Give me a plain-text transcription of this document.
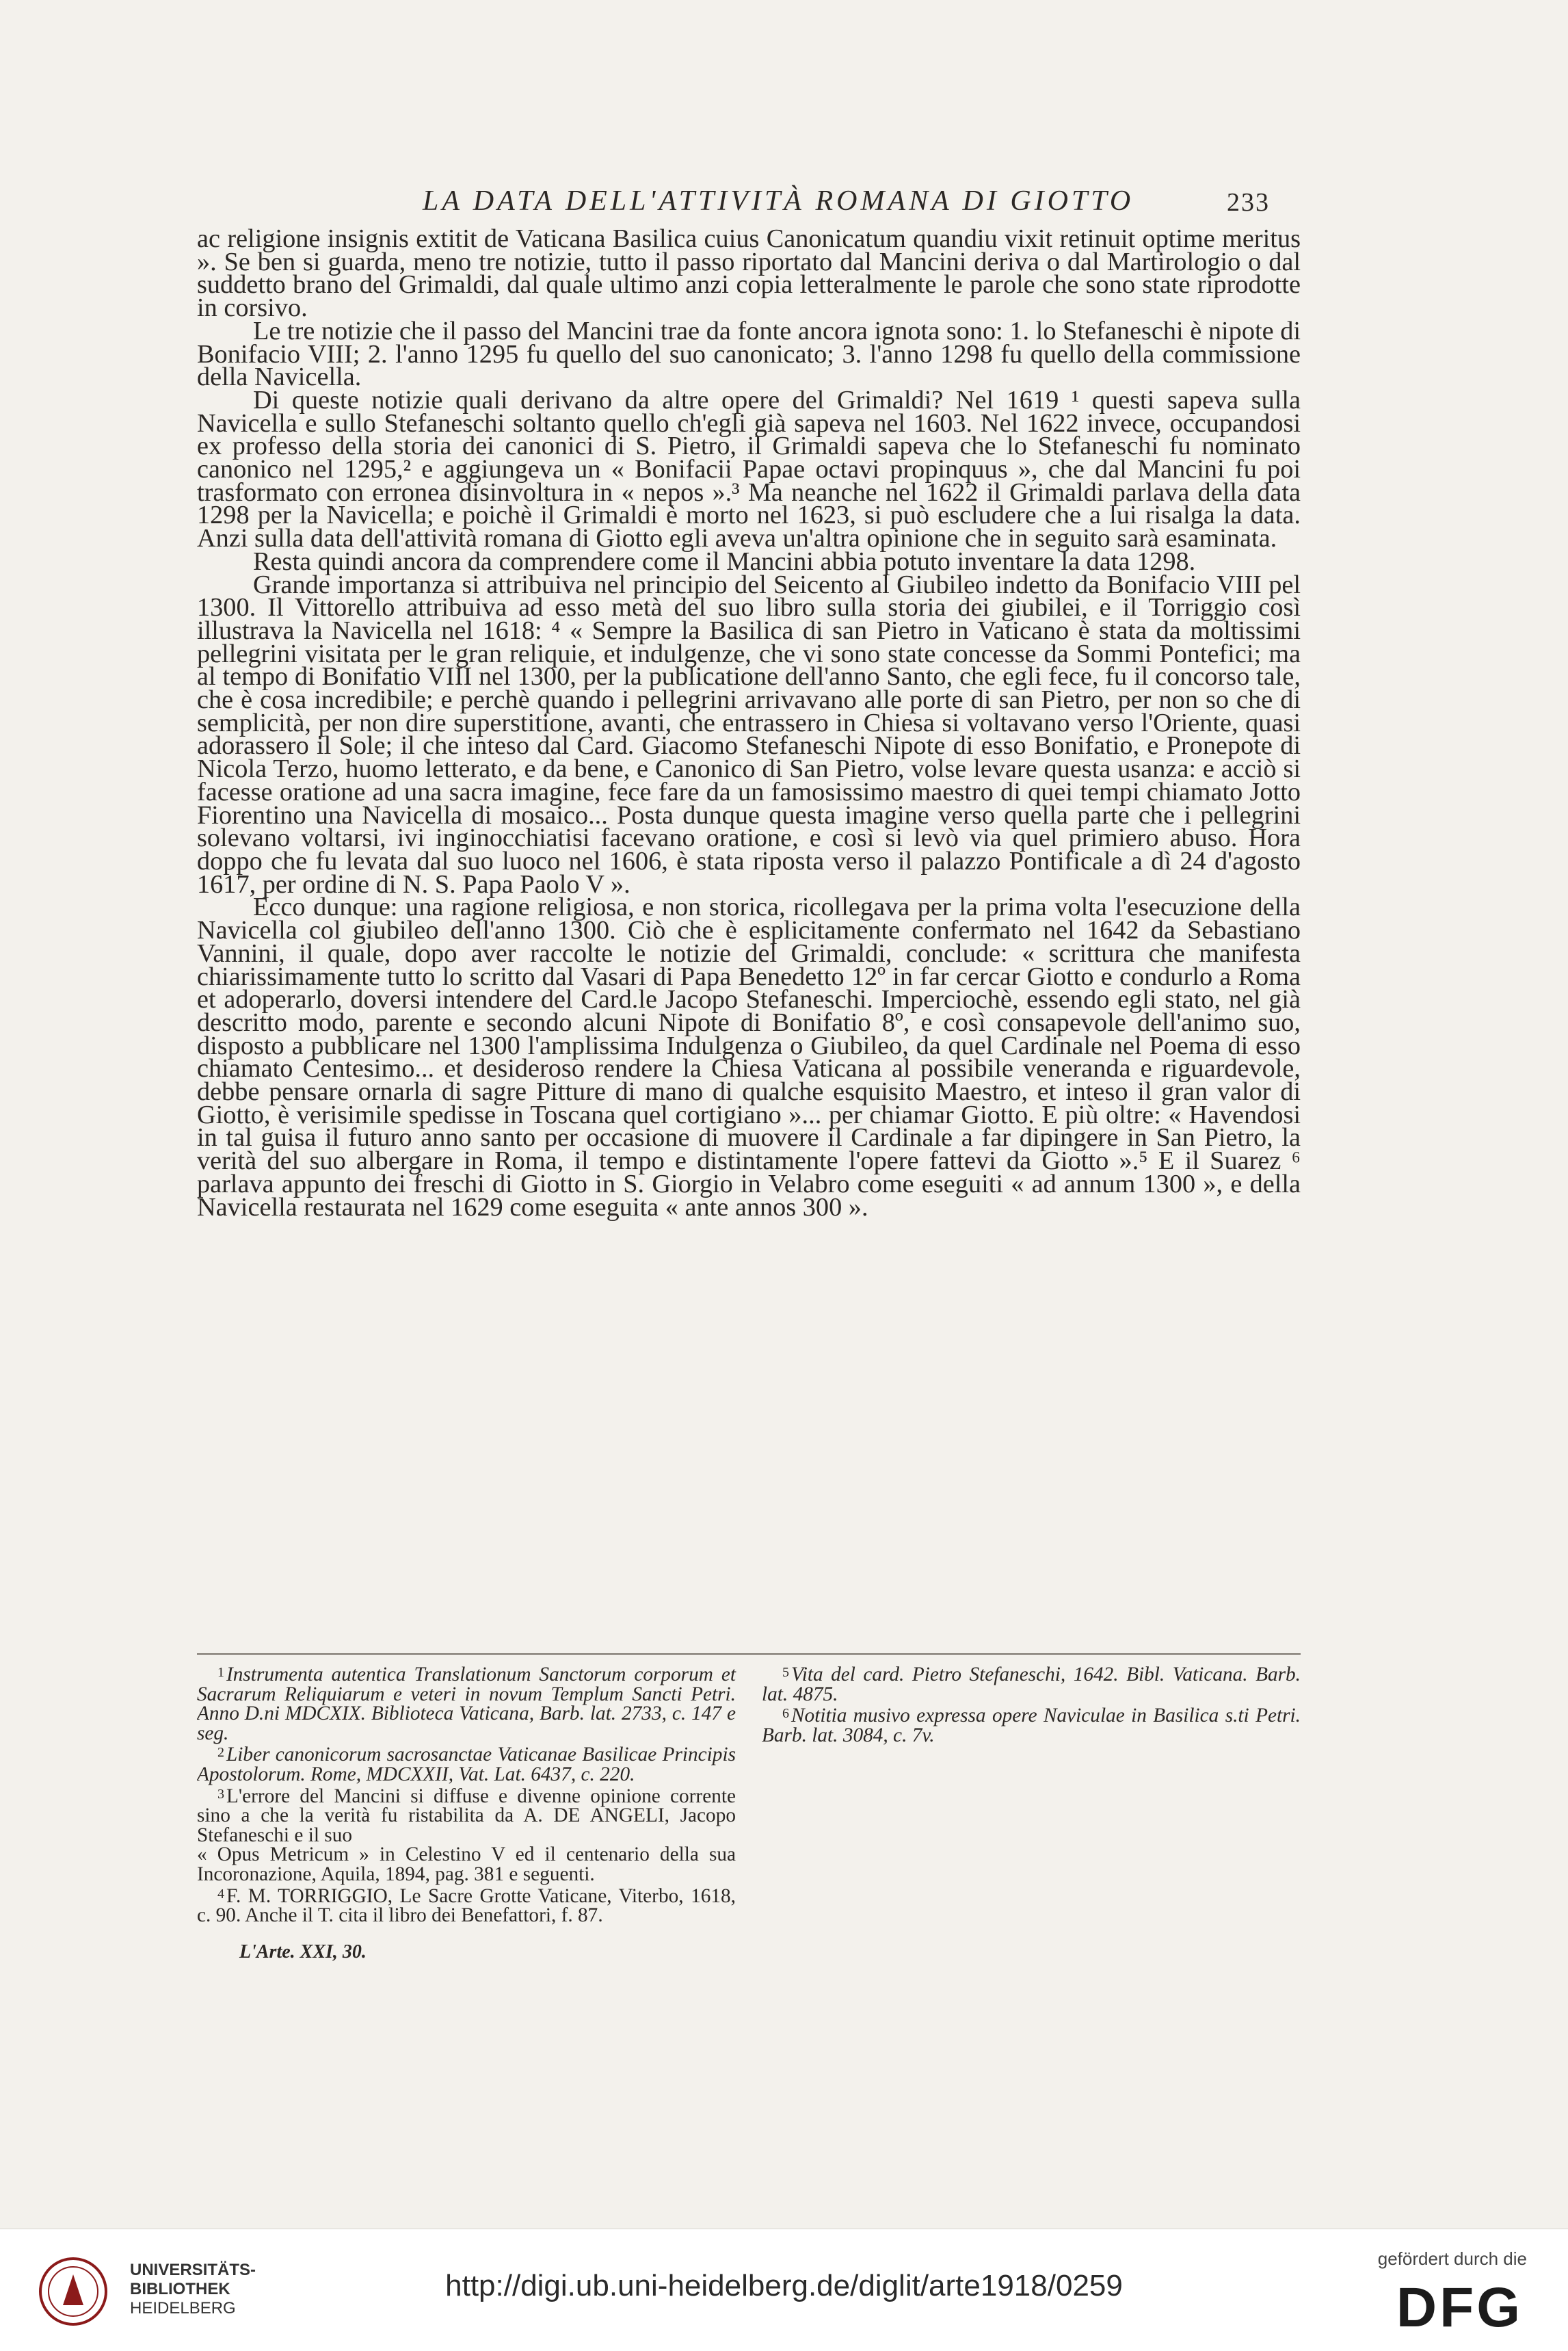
LA DATA DELL'ATTIVITÀ ROMANA DI GIOTTO	233

ac religione insignis extitit de Vaticana Basilica cuius Canonicatum quandiu vixit retinuit optime meritus ». Se ben si guarda, meno tre notizie, tutto il passo riportato dal Mancini deriva o dal Martirologio o dal suddetto brano del Grimaldi, dal quale ultimo anzi copia letteralmente le parole che sono state riprodotte in corsivo.

Le tre notizie che il passo del Mancini trae da fonte ancora ignota sono: 1. lo Stefaneschi è nipote di Bonifacio VIII; 2. l'anno 1295 fu quello del suo canonicato; 3. l'anno 1298 fu quello della commissione della Navicella.

Di queste notizie quali derivano da altre opere del Grimaldi? Nel 1619 ¹ questi sapeva sulla Navicella e sullo Stefaneschi soltanto quello ch'egli già sapeva nel 1603. Nel 1622 invece, occupandosi ex professo della storia dei canonici di S. Pietro, il Grimaldi sapeva che lo Stefaneschi fu nominato canonico nel 1295,² e aggiungeva un « Bonifacii Papae octavi propinquus », che dal Mancini fu poi trasformato con erronea disinvoltura in « nepos ».³ Ma neanche nel 1622 il Grimaldi parlava della data 1298 per la Navicella; e poichè il Grimaldi è morto nel 1623, si può escludere che a lui risalga la data. Anzi sulla data dell'attività romana di Giotto egli aveva un'altra opinione che in seguito sarà esaminata.

Resta quindi ancora da comprendere come il Mancini abbia potuto inventare la data 1298.

Grande importanza si attribuiva nel principio del Seicento al Giubileo indetto da Bonifacio VIII pel 1300. Il Vittorello attribuiva ad esso metà del suo libro sulla storia dei giubilei, e il Torriggio così illustrava la Navicella nel 1618: ⁴ « Sempre la Basilica di san Pietro in Vaticano è stata da moltissimi pellegrini visitata per le gran reliquie, et indulgenze, che vi sono state concesse da Sommi Pontefici; ma al tempo di Bonifatio VIII nel 1300, per la publicatione dell'anno Santo, che egli fece, fu il concorso tale, che è cosa incredibile; e perchè quando i pellegrini arrivavano alle porte di san Pietro, per non so che di semplicità, per non dire superstitione, avanti, che entrassero in Chiesa si voltavano verso l'Oriente, quasi adorassero il Sole; il che inteso dal Card. Giacomo Stefaneschi Nipote di esso Bonifatio, e Pronepote di Nicola Terzo, huomo letterato, e da bene, e Canonico di San Pietro, volse levare questa usanza: e acciò si facesse oratione ad una sacra imagine, fece fare da un famosissimo maestro di quei tempi chiamato Jotto Fiorentino una Navicella di mosaico... Posta dunque questa imagine verso quella parte che i pellegrini solevano voltarsi, ivi inginocchiatisi facevano oratione, e così si levò via quel primiero abuso. Hora doppo che fu levata dal suo luoco nel 1606, è stata riposta verso il palazzo Pontificale a dì 24 d'agosto 1617, per ordine di N. S. Papa Paolo V ».

Ecco dunque: una ragione religiosa, e non storica, ricollegava per la prima volta l'esecuzione della Navicella col giubileo dell'anno 1300. Ciò che è esplicitamente confermato nel 1642 da Sebastiano Vannini, il quale, dopo aver raccolte le notizie del Grimaldi, conclude: « scrittura che manifesta chiarissimamente tutto lo scritto dal Vasari di Papa Benedetto 12º in far cercar Giotto e condurlo a Roma et adoperarlo, doversi intendere del Card.le Jacopo Stefaneschi. Imperciochè, essendo egli stato, nel già descritto modo, parente e secondo alcuni Nipote di Bonifatio 8º, e così consapevole dell'animo suo, disposto a pubblicare nel 1300 l'amplissima Indulgenza o Giubileo, da quel Cardinale nel Poema di esso chiamato Centesimo... et desideroso rendere la Chiesa Vaticana al possibile veneranda e riguardevole, debbe pensare ornarla di sagre Pitture di mano di qualche esquisito Maestro, et inteso il gran valor di Giotto, è verisimile spedisse in Toscana quel cortigiano »... per chiamar Giotto. E più oltre: « Havendosi in tal guisa il futuro anno santo per occasione di muovere il Cardinale a far dipingere in San Pietro, la verità del suo albergare in Roma, il tempo e distintamente l'opere fattevi da Giotto ».⁵ E il Suarez ⁶ parlava appunto dei freschi di Giotto in S. Giorgio in Velabro come eseguiti « ad annum 1300 », e della Navicella restaurata nel 1629 come eseguita « ante annos 300 ».

$^1$ Instrumenta autentica Translationum Sanctorum corporum et Sacrarum Reliquiarum e veteri in novum Templum Sancti Petri. Anno D.ni MDCXIX. Biblioteca Vaticana, Barb. lat. 2733, c. 147 e seg.

$^2$ Liber canonicorum sacrosanctae Vaticanae Basilicae Principis Apostolorum. Rome, MDCXXII, Vat. Lat. 6437, c. 220.

$^3$ L'errore del Mancini si diffuse e divenne opinione corrente sino a che la verità fu ristabilita da A. DE ANGELI, Jacopo Stefaneschi e il suo

« Opus Metricum » in Celestino V ed il centenario della sua Incoronazione, Aquila, 1894, pag. 381 e seguenti.

$^4$ F. M. TORRIGGIO, Le Sacre Grotte Vaticane, Viterbo, 1618, c. 90. Anche il T. cita il libro dei Benefattori, f. 87.

$^5$ Vita del card. Pietro Stefaneschi, 1642. Bibl. Vaticana. Barb. lat. 4875.

$^6$ Notitia musivo expressa opere Naviculae in Basilica s.ti Petri. Barb. lat. 3084, c. 7v.

L'Arte. XXI, 30.
UNIVERSITÄTS-
BIBLIOTHEK
HEIDELBERG
http://digi.ub.uni-heidelberg.de/diglit/arte1918/0259
gefördert durch die
DFG
